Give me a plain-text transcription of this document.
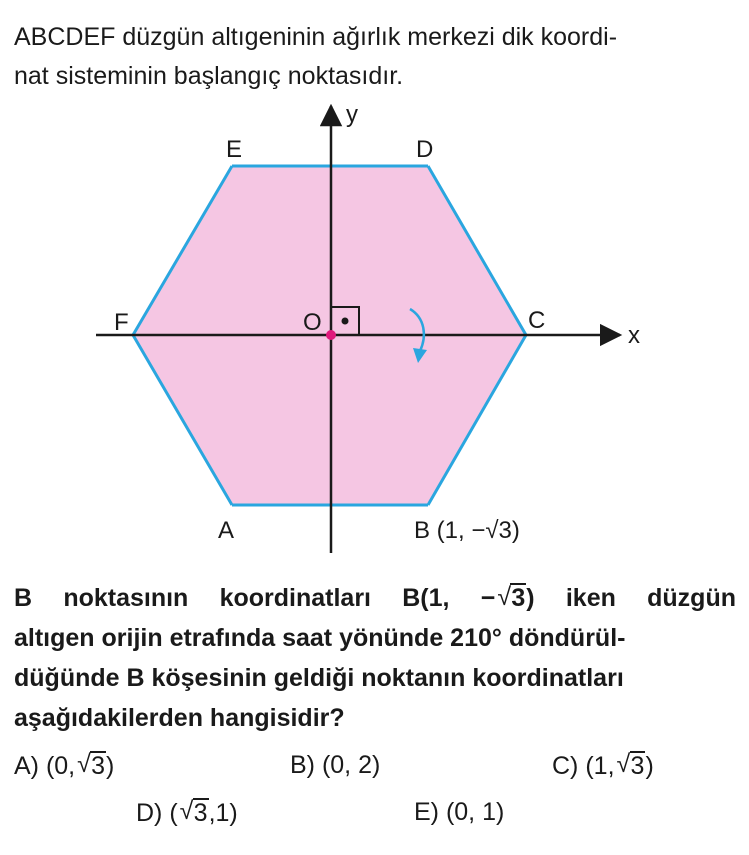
ABCDEF düzgün altıgeninin ağırlık merkezi dik koordi-
nat sisteminin başlangıç noktasıdır.
E	D
F	C
A	B (1, −√3)
O	x
y
B noktasının koordinatları B(1, − √ 3) iken düzgün
altıgen orijin etrafında saat yönünde 210° döndürül-
düğünde B köşesinin geldiği noktanın koordinatları
aşağıdakilerden hangisidir?
A) (0, √ 3)	B) (0, 2)	C) (1, √ 3)
D) ( √ 3,1)	E) (0, 1)
